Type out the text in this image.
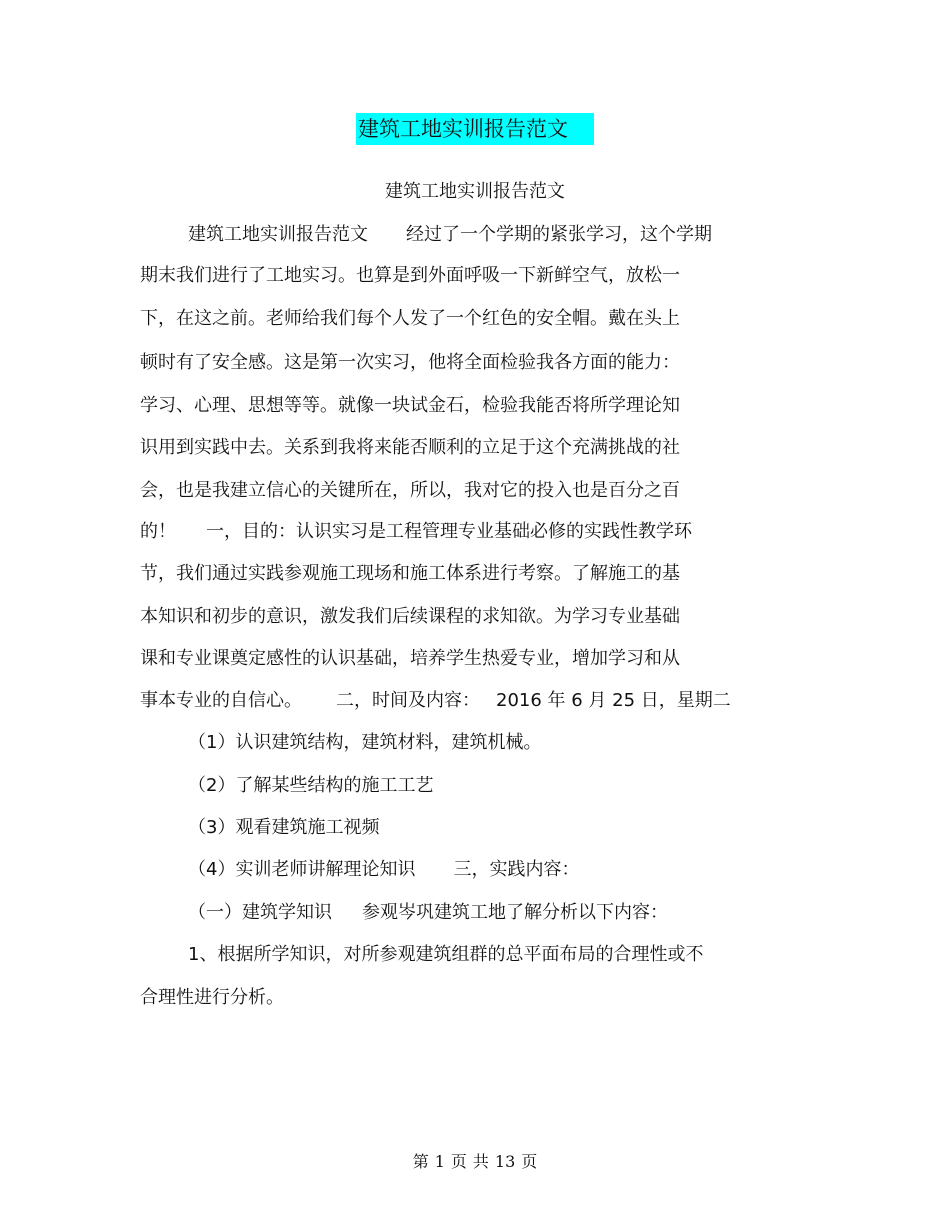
建筑工地实训报告范文
建筑工地实训报告范文
建筑工地实训报告范文 经过了一个学期的紧张学习，这个学期
期末我们进行了工地实习。也算是到外面呼吸一下新鲜空气，放松一
下，在这之前。老师给我们每个人发了一个红色的安全帽。戴在头上
顿时有了安全感。这是第一次实习，他将全面检验我各方面的能力：
学习、心理、思想等等。就像一块试金石，检验我能否将所学理论知
识用到实践中去。关系到我将来能否顺利的立足于这个充满挑战的社
会，也是我建立信心的关键所在，所以，我对它的投入也是百分之百
的！ 一，目的：认识实习是工程管理专业基础必修的实践性教学环
节，我们通过实践参观施工现场和施工体系进行考察。了解施工的基
本知识和初步的意识，激发我们后续课程的求知欲。为学习专业基础
课和专业课奠定感性的认识基础，培养学生热爱专业，增加学习和从
事本专业的自信心。 二，时间及内容： 2016 年 6 月 25 日，星期二
（1）认识建筑结构，建筑材料，建筑机械。
（2）了解某些结构的施工工艺
（3）观看建筑施工视频
（4）实训老师讲解理论知识 三，实践内容：
（一）建筑学知识 参观岑巩建筑工地了解分析以下内容：
1、根据所学知识，对所参观建筑组群的总平面布局的合理性或不
合理性进行分析。
第 1 页 共 13 页
